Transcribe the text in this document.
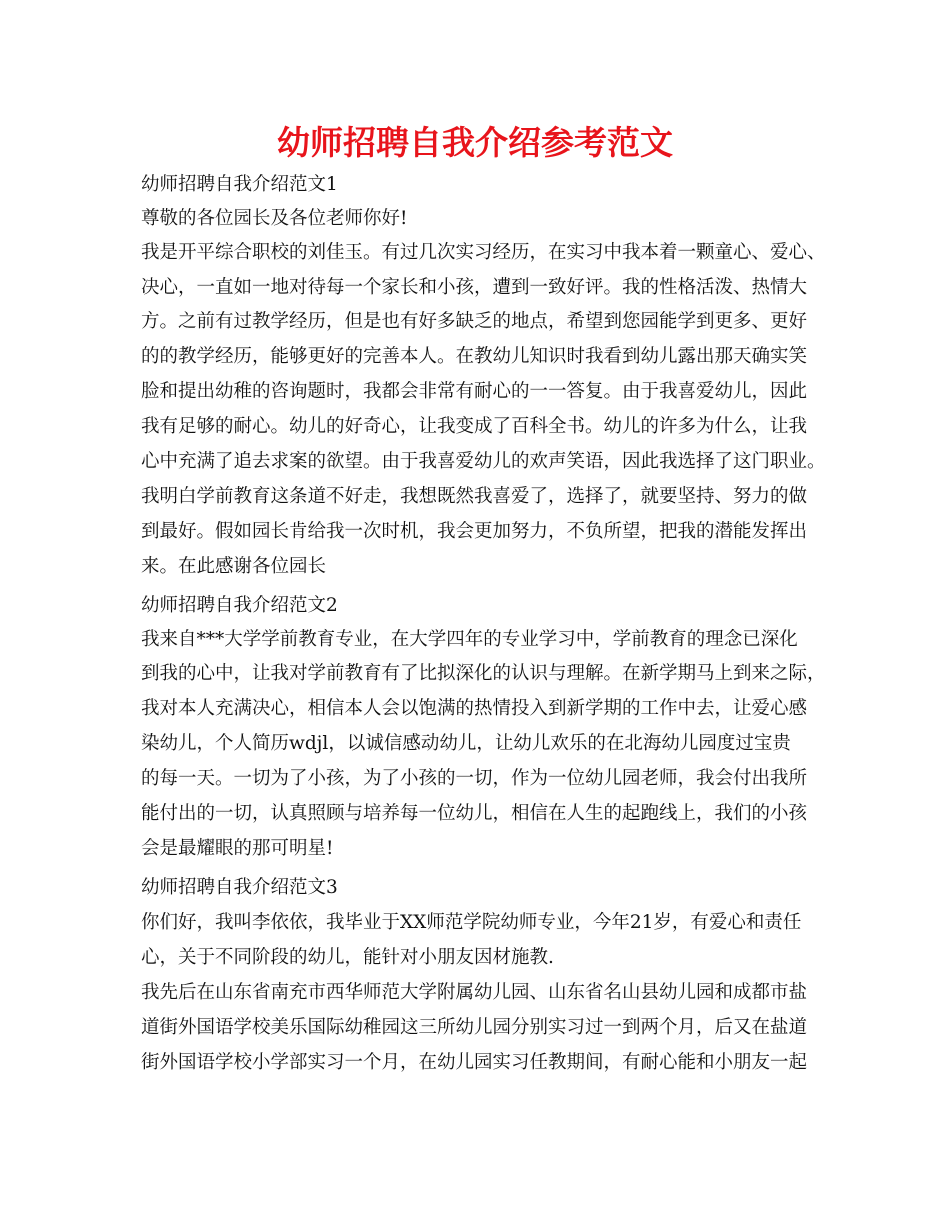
幼师招聘自我介绍参考范文

幼师招聘自我介绍范文1

尊敬的各位园长及各位老师你好!

我是开平综合职校的刘佳玉。有过几次实习经历，在实习中我本着一颗童心、爱心、

决心，一直如一地对待每一个家长和小孩，遭到一致好评。我的性格活泼、热情大

方。之前有过教学经历，但是也有好多缺乏的地点，希望到您园能学到更多、更好

的的教学经历，能够更好的完善本人。在教幼儿知识时我看到幼儿露出那天确实笑

脸和提出幼稚的咨询题时，我都会非常有耐心的一一答复。由于我喜爱幼儿，因此

我有足够的耐心。幼儿的好奇心，让我变成了百科全书。幼儿的许多为什么，让我

心中充满了追去求案的欲望。由于我喜爱幼儿的欢声笑语，因此我选择了这门职业。

我明白学前教育这条道不好走，我想既然我喜爱了，选择了，就要坚持、努力的做

到最好。假如园长肯给我一次时机，我会更加努力，不负所望，把我的潜能发挥出

来。在此感谢各位园长

幼师招聘自我介绍范文2

我来自***大学学前教育专业，在大学四年的专业学习中，学前教育的理念已深化

到我的心中，让我对学前教育有了比拟深化的认识与理解。在新学期马上到来之际，

我对本人充满决心，相信本人会以饱满的热情投入到新学期的工作中去，让爱心感

染幼儿，个人简历wdjl，以诚信感动幼儿，让幼儿欢乐的在北海幼儿园度过宝贵

的每一天。一切为了小孩，为了小孩的一切，作为一位幼儿园老师，我会付出我所

能付出的一切，认真照顾与培养每一位幼儿，相信在人生的起跑线上，我们的小孩

会是最耀眼的那可明星!

幼师招聘自我介绍范文3

你们好，我叫李依依，我毕业于XX师范学院幼师专业，今年21岁，有爱心和责任

心，关于不同阶段的幼儿，能针对小朋友因材施教.

我先后在山东省南充市西华师范大学附属幼儿园、山东省名山县幼儿园和成都市盐

道街外国语学校美乐国际幼稚园这三所幼儿园分别实习过一到两个月，后又在盐道

街外国语学校小学部实习一个月，在幼儿园实习任教期间，有耐心能和小朋友一起
